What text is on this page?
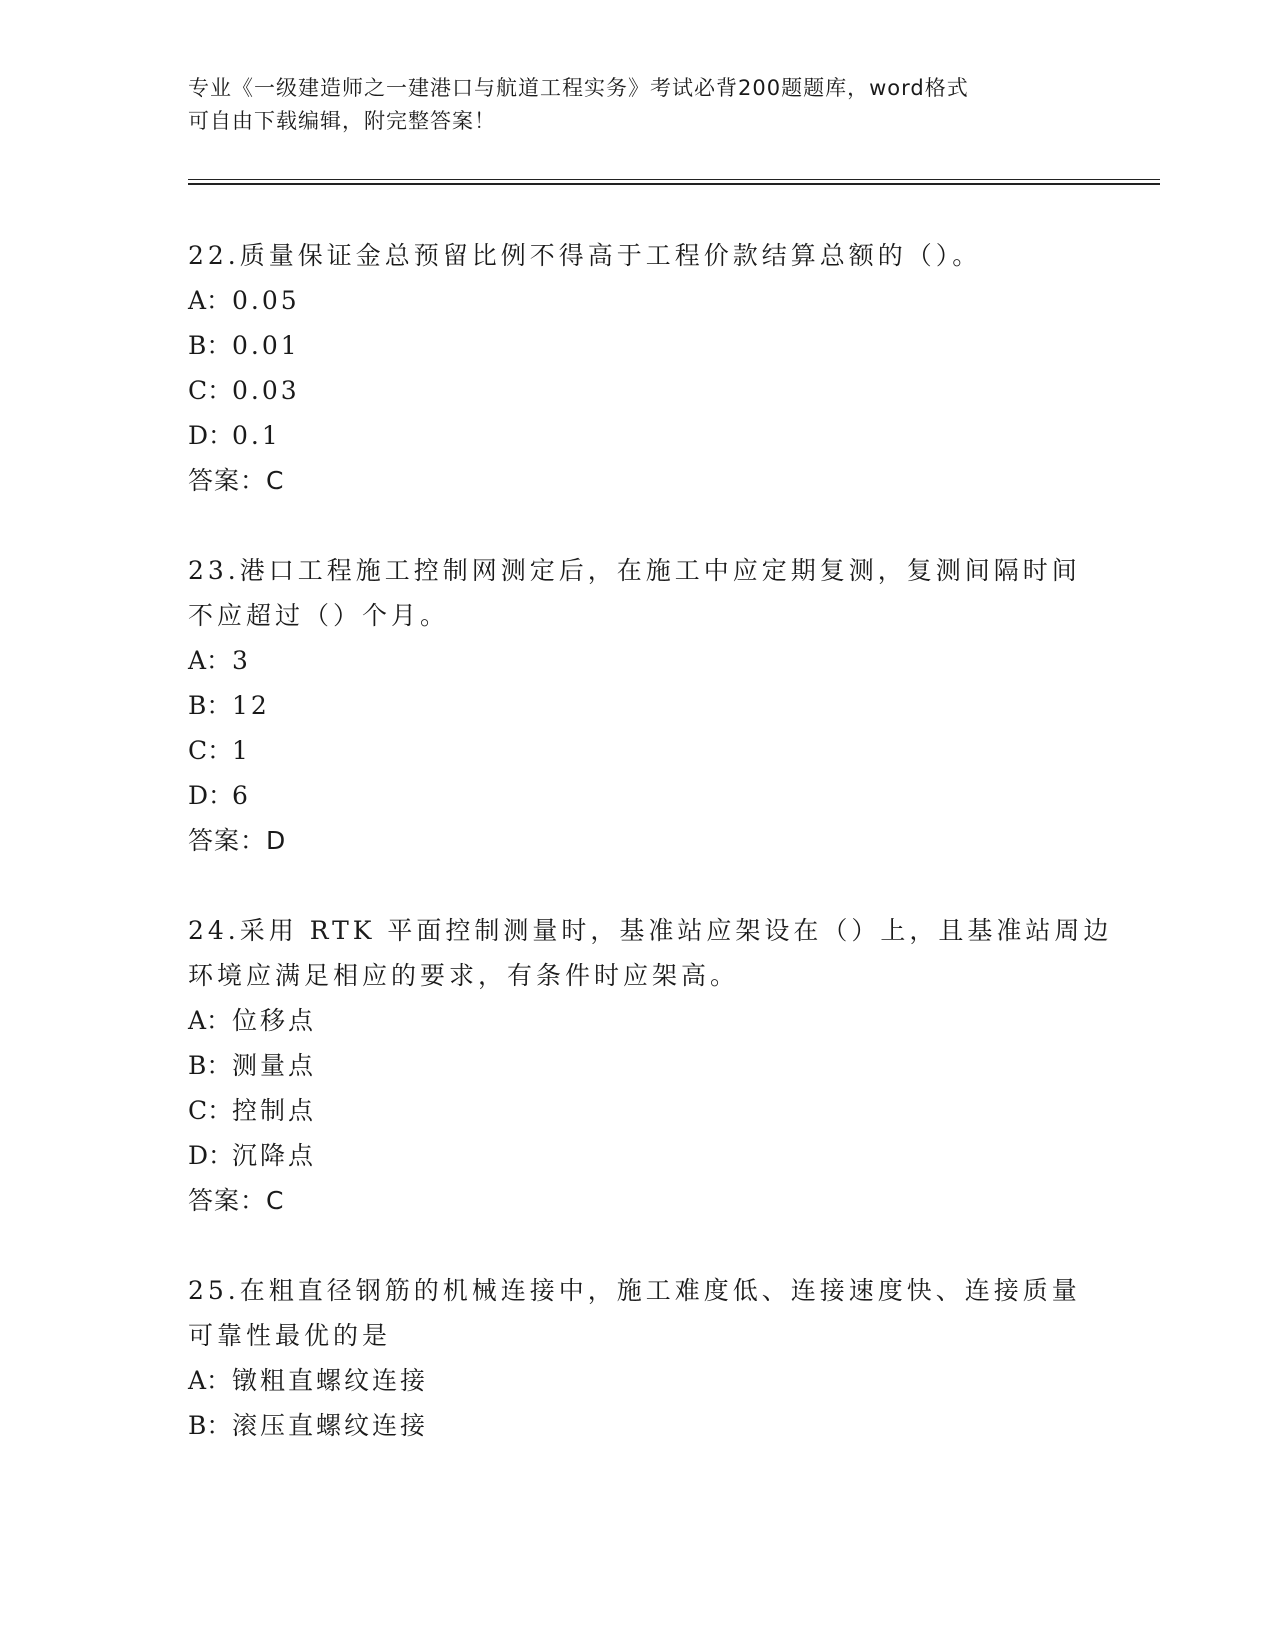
专业《一级建造师之一建港口与航道工程实务》考试必背200题题库，word格式
可自由下载编辑，附完整答案！
22.质量保证金总预留比例不得高于工程价款结算总额的（）。
A：0.05
B：0.01
C：0.03
D：0.1
答案：C
23.港口工程施工控制网测定后，在施工中应定期复测，复测间隔时间
不应超过（）个月。
A：3
B：12
C：1
D：6
答案：D
24.采用 RTK 平面控制测量时，基准站应架设在（）上，且基准站周边
环境应满足相应的要求，有条件时应架高。
A：位移点
B：测量点
C：控制点
D：沉降点
答案：C
25.在粗直径钢筋的机械连接中，施工难度低、连接速度快、连接质量
可靠性最优的是
A：镦粗直螺纹连接
B：滚压直螺纹连接
